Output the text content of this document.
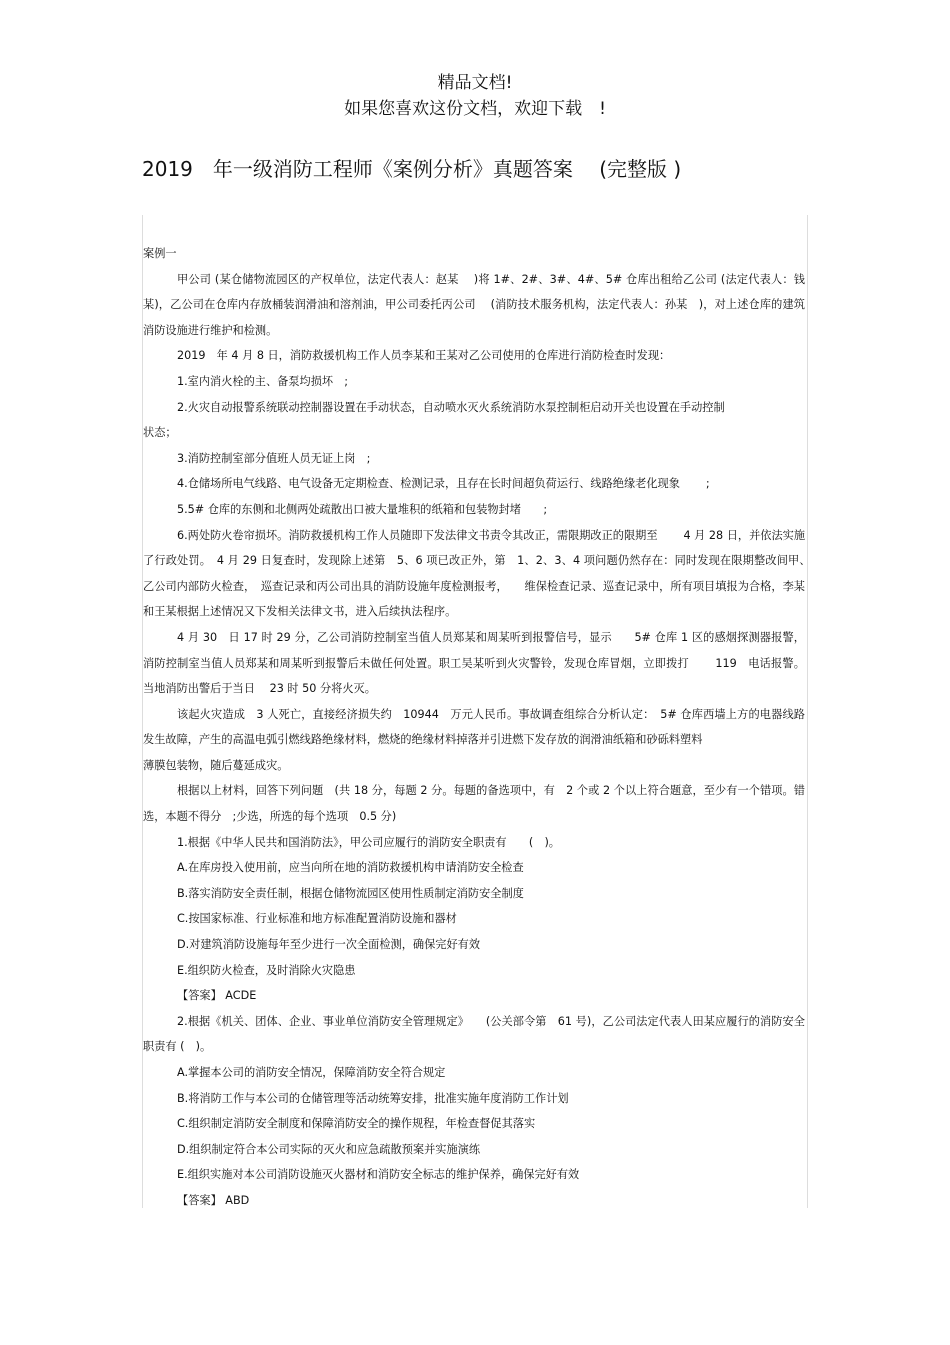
精品文档!
如果您喜欢这份文档，欢迎下载　!
2019　年一级消防工程师《案例分析》真题答案　 (完整版 )

案例一

甲公司 (某仓储物流园区的产权单位，法定代表人：赵某　 )将 1#、2#、3#、4#、5# 仓库出租给乙公司 (法定代表人：钱某)，乙公司在仓库内存放桶装润滑油和溶剂油，甲公司委托丙公司　 (消防技术服务机构，法定代表人：孙某　)，对上述仓库的建筑消防设施进行维护和检测。

2019　年 4 月 8 日，消防救援机构工作人员李某和王某对乙公司使用的仓库进行消防检查时发现：

1.室内消火栓的主、备泵均损坏　;

2.火灾自动报警系统联动控制器设置在手动状态，自动喷水灭火系统消防水泵控制柜启动开关也设置在手动控制

状态；

3.消防控制室部分值班人员无证上岗　;

4.仓储场所电气线路、电气设备无定期检查、检测记录，且存在长时间超负荷运行、线路绝缘老化现象　　 ;

5.5# 仓库的东侧和北侧两处疏散出口被大量堆积的纸箱和包装物封堵　　;

6.两处防火卷帘损坏。消防救援机构工作人员随即下发法律文书责令其改正，需限期改正的限期至　　 4 月 28 日，并依法实施了行政处罚。　4 月 29 日复查时，发现除上述第　5、6 项已改正外，第　1、2、3、4 项问题仍然存在：同时发现在限期整改间甲、　乙公司内部防火检查，　巡查记录和丙公司出具的消防设施年度检测报考，　　维保检查记录、巡查记录中，所有项目填报为合格，李某和王某根据上述情况又下发相关法律文书，进入后续执法程序。

4 月 30　日 17 时 29 分，乙公司消防控制室当值人员郑某和周某听到报警信号，显示　　5# 仓库 1 区的感烟探测器报警，消防控制室当值人员郑某和周某听到报警后未做任何处置。职工吴某听到火灾警铃，发现仓库冒烟，立即拨打　　 119　电话报警。当地消防出警后于当日　 23 时 50 分将火灭。

该起火灾造成　3 人死亡，直接经济损失约　10944　万元人民币。事故调查组综合分析认定：　5# 仓库西墙上方的电器线路发生故障，产生的高温电弧引燃线路绝缘材料，燃烧的绝缘材料掉落并引进燃下发存放的润滑油纸箱和砂砾料塑料

薄膜包装物，随后蔓延成灾。

根据以上材料，回答下列问题　(共 18 分，每题 2 分。每题的备选项中，有　2 个或 2 个以上符合题意，至少有一个错项。错选，本题不得分　;少选，所选的每个选项　0.5 分)

1.根据《中华人民共和国消防法》，甲公司应履行的消防安全职责有　　(　)。

A.在库房投入使用前，应当向所在地的消防救援机构申请消防安全检查

B.落实消防安全责任制，根据仓储物流园区使用性质制定消防安全制度

C.按国家标准、行业标准和地方标准配置消防设施和器材

D.对建筑消防设施每年至少进行一次全面检测，确保完好有效

E.组织防火检查，及时消除火灾隐患

【答案】 ACDE

2.根据《机关、团体、企业、事业单位消防安全管理规定》　　(公关部令第　61 号)，乙公司法定代表人田某应履行的消防安全职责有 (　)。

A.掌握本公司的消防安全情况，保障消防安全符合规定

B.将消防工作与本公司的仓储管理等活动统筹安排，批准实施年度消防工作计划

C.组织制定消防安全制度和保障消防安全的操作规程，年检查督促其落实

D.组织制定符合本公司实际的灭火和应急疏散预案并实施演练

E.组织实施对本公司消防设施灭火器材和消防安全标志的维护保养，确保完好有效

【答案】 ABD
